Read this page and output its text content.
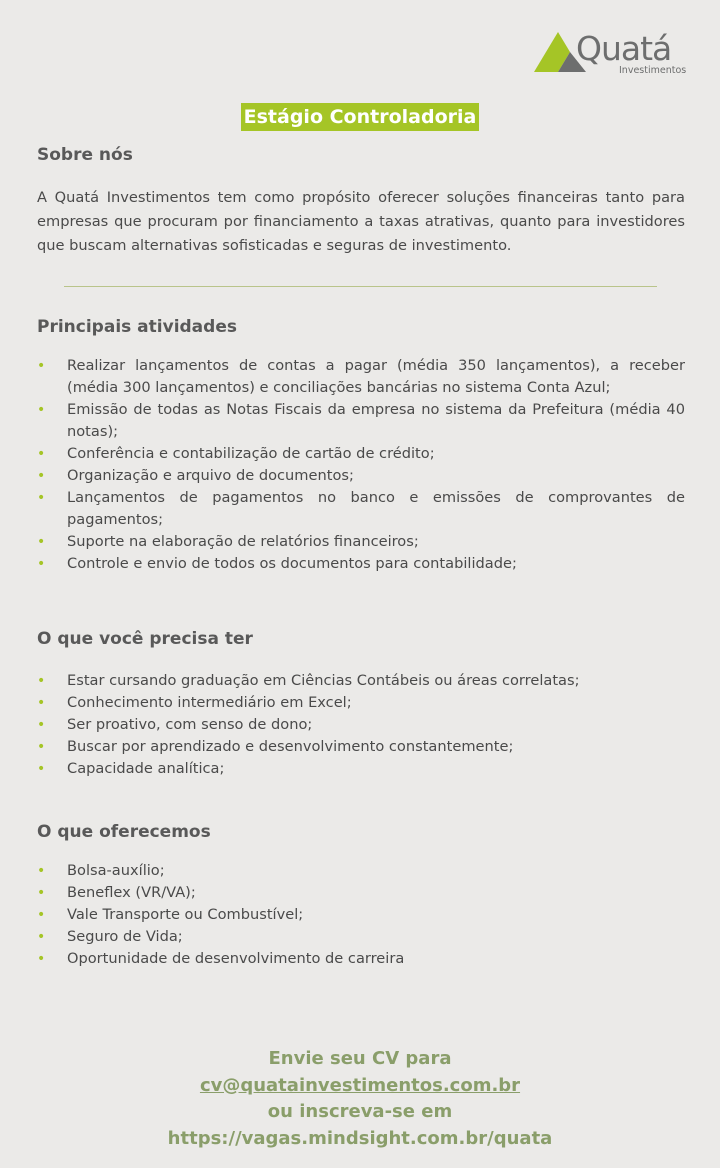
Quatá
Investimentos
Estágio Controladoria
Sobre nós

A Quatá Investimentos tem como propósito oferecer soluções financeiras tanto para empresas que procuram por financiamento a taxas atrativas, quanto para investidores que buscam alternativas sofisticadas e seguras de investimento.

Principais atividades
• Realizar lançamentos de contas a pagar (média 350 lançamentos), a receber (média 300 lançamentos) e conciliações bancárias no sistema Conta Azul;
• Emissão de todas as Notas Fiscais da empresa no sistema da Prefeitura (média 40 notas);
• Conferência e contabilização de cartão de crédito;
• Organização e arquivo de documentos;
• Lançamentos de pagamentos no banco e emissões de comprovantes de pagamentos;
• Suporte na elaboração de relatórios financeiros;
• Controle e envio de todos os documentos para contabilidade;
O que você precisa ter
• Estar cursando graduação em Ciências Contábeis ou áreas correlatas;
• Conhecimento intermediário em Excel;
• Ser proativo, com senso de dono;
• Buscar por aprendizado e desenvolvimento constantemente;
• Capacidade analítica;
O que oferecemos
• Bolsa-auxílio;
• Beneflex (VR/VA);
• Vale Transporte ou Combustível;
• Seguro de Vida;
• Oportunidade de desenvolvimento de carreira
Envie seu CV para
cv@quatainvestimentos.com.br
ou inscreva-se em
https://vagas.mindsight.com.br/quata
